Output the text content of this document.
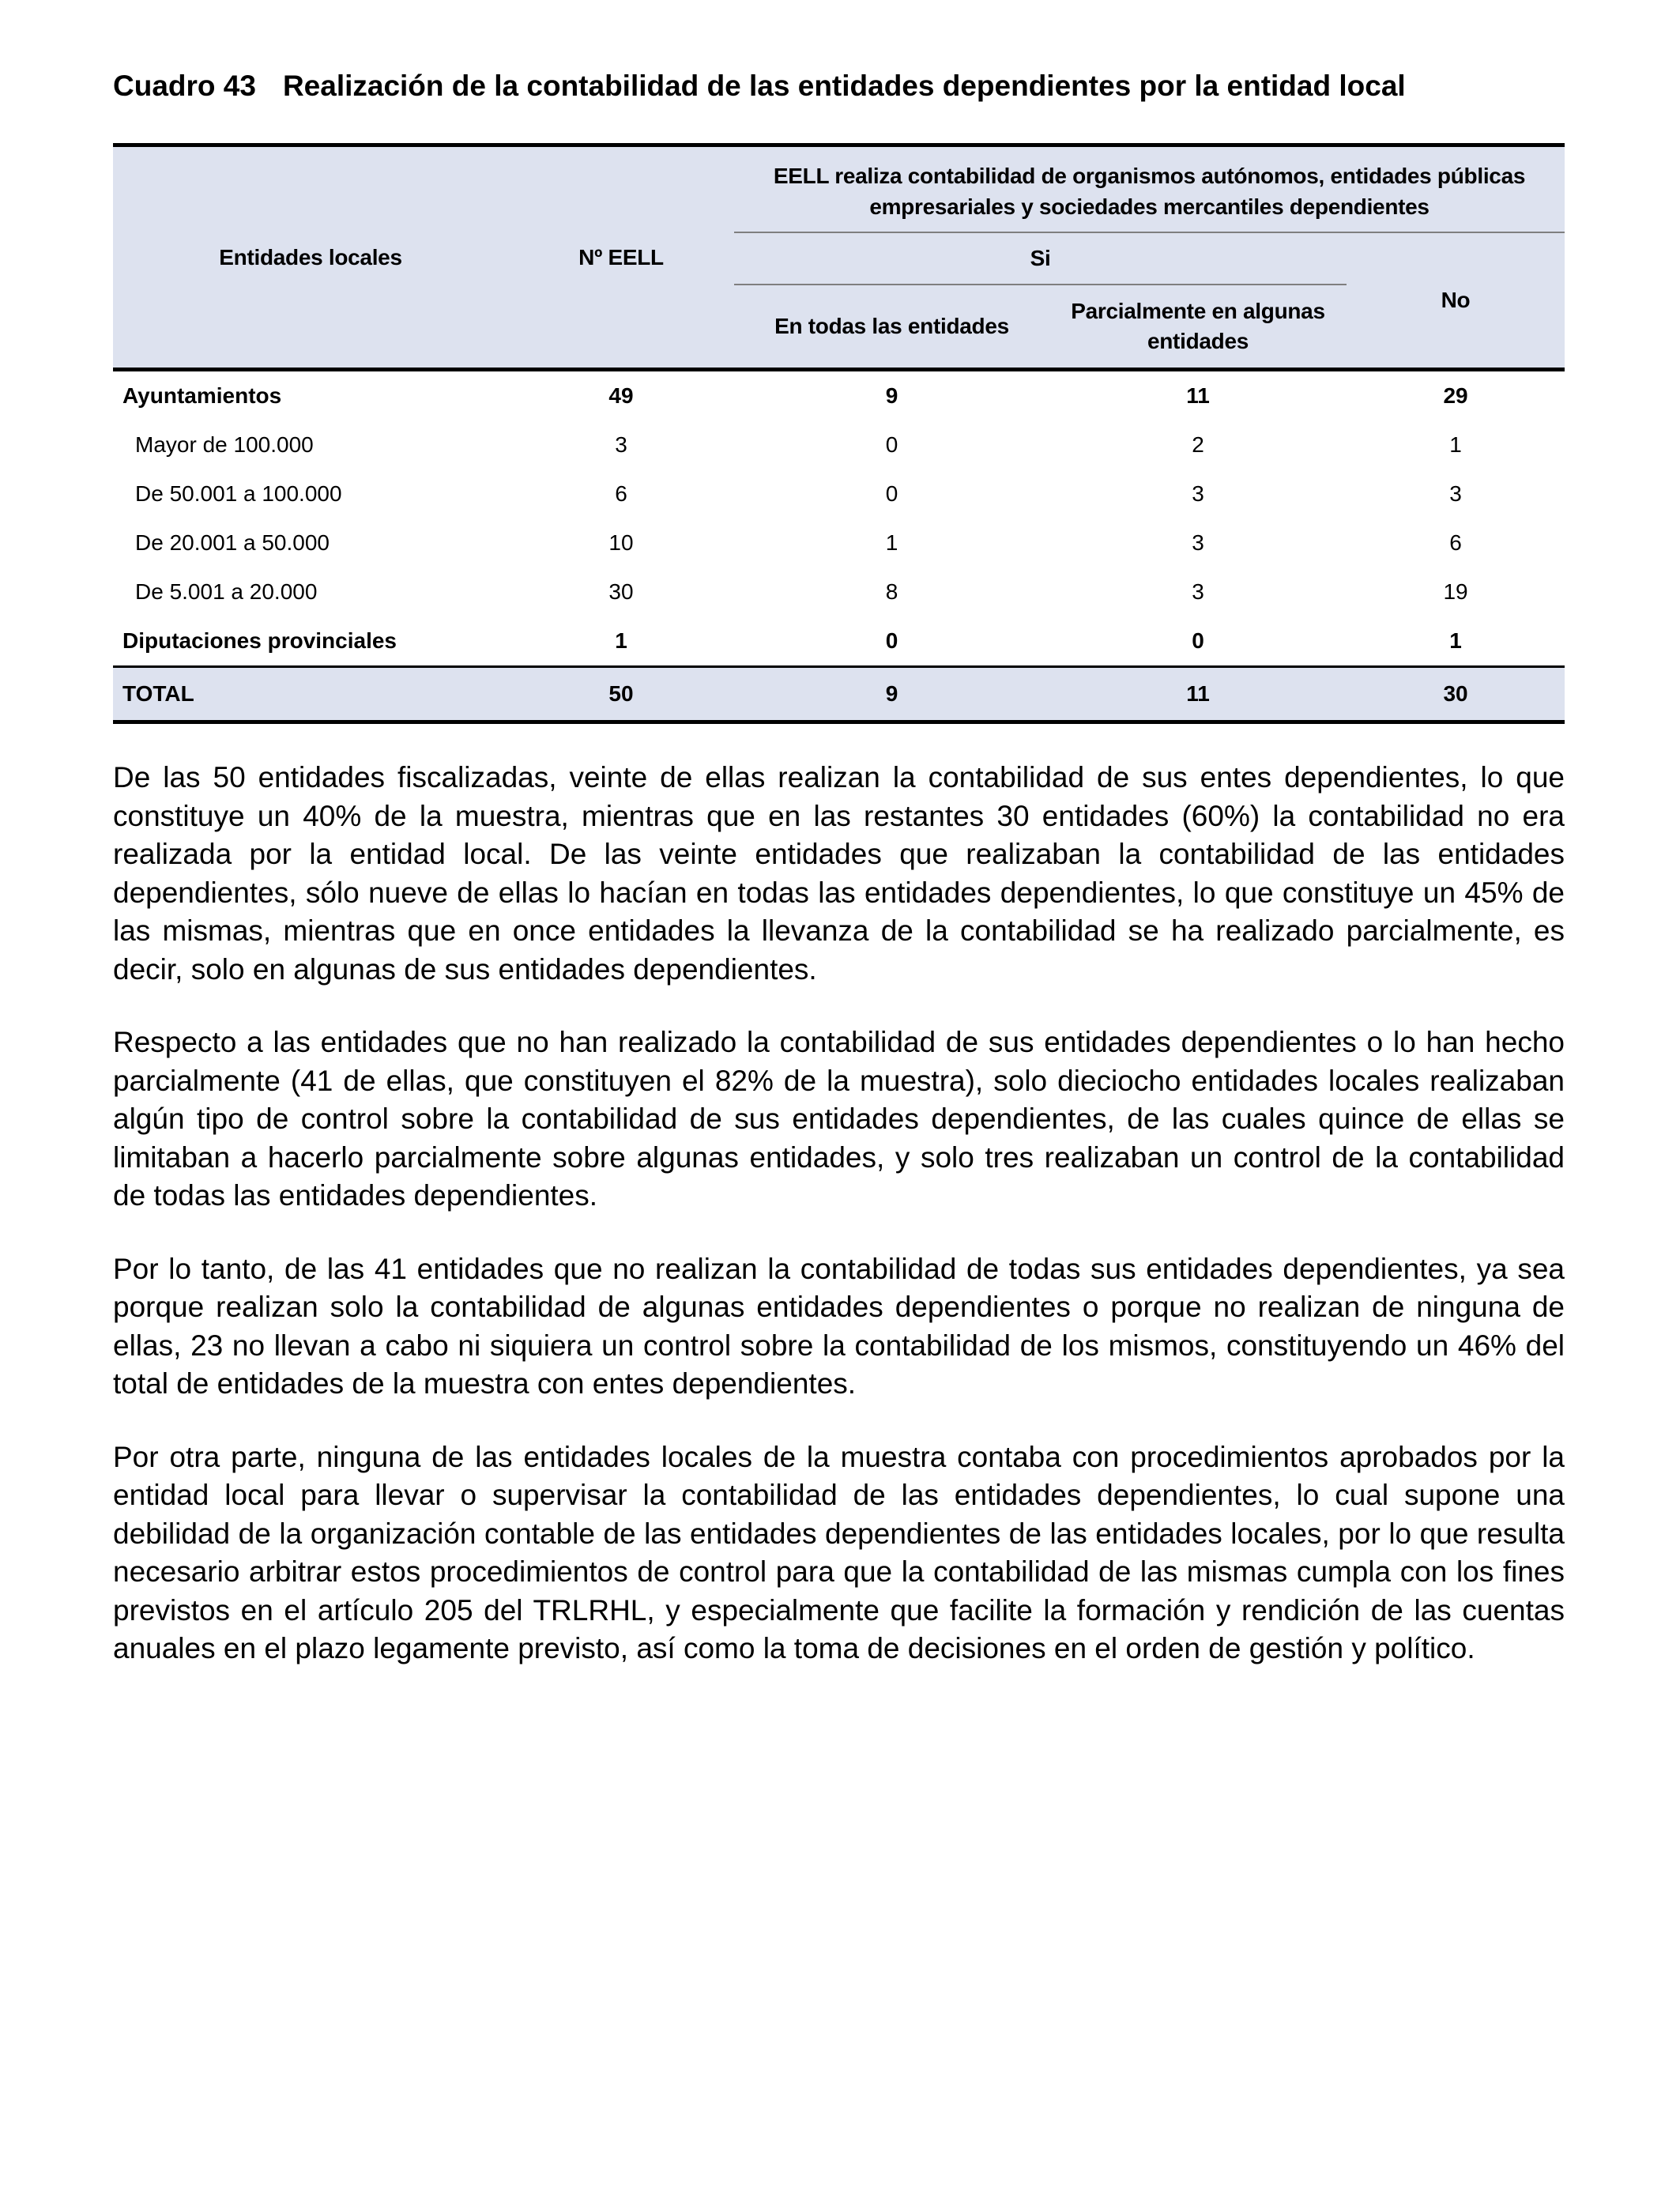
Cuadro 43 Realización de la contabilidad de las entidades dependientes por la entidad local
Entidades locales	Nº EELL	EELL realiza contabilidad de organismos autónomos, entidades públicas empresariales y sociedades mercantiles dependientes		
		Si		No
		En todas las entidades	Parcialmente en algunas entidades	
Ayuntamientos	49	9	11	29
Mayor de 100.000	3	0	2	1
De 50.001 a 100.000	6	0	3	3
De 20.001 a 50.000	10	1	3	6
De 5.001 a 20.000	30	8	3	19
Diputaciones provinciales	1	0	0	1
TOTAL	50	9	11	30

De las 50 entidades fiscalizadas, veinte de ellas realizan la contabilidad de sus entes dependientes, lo que constituye un 40% de la muestra, mientras que en las restantes 30 entidades (60%) la contabilidad no era realizada por la entidad local. De las veinte entidades que realizaban la contabilidad de las entidades dependientes, sólo nueve de ellas lo hacían en todas las entidades dependientes, lo que constituye un 45% de las mismas, mientras que en once entidades la llevanza de la contabilidad se ha realizado parcialmente, es decir, solo en algunas de sus entidades dependientes.

Respecto a las entidades que no han realizado la contabilidad de sus entidades dependientes o lo han hecho parcialmente (41 de ellas, que constituyen el 82% de la muestra), solo dieciocho entidades locales realizaban algún tipo de control sobre la contabilidad de sus entidades dependientes, de las cuales quince de ellas se limitaban a hacerlo parcialmente sobre algunas entidades, y solo tres realizaban un control de la contabilidad de todas las entidades dependientes.

Por lo tanto, de las 41 entidades que no realizan la contabilidad de todas sus entidades dependientes, ya sea porque realizan solo la contabilidad de algunas entidades dependientes o porque no realizan de ninguna de ellas, 23 no llevan a cabo ni siquiera un control sobre la contabilidad de los mismos, constituyendo un 46% del total de entidades de la muestra con entes dependientes.

Por otra parte, ninguna de las entidades locales de la muestra contaba con procedimientos aprobados por la entidad local para llevar o supervisar la contabilidad de las entidades dependientes, lo cual supone una debilidad de la organización contable de las entidades dependientes de las entidades locales, por lo que resulta necesario arbitrar estos procedimientos de control para que la contabilidad de las mismas cumpla con los fines previstos en el artículo 205 del TRLRHL, y especialmente que facilite la formación y rendición de las cuentas anuales en el plazo legamente previsto, así como la toma de decisiones en el orden de gestión y político.
